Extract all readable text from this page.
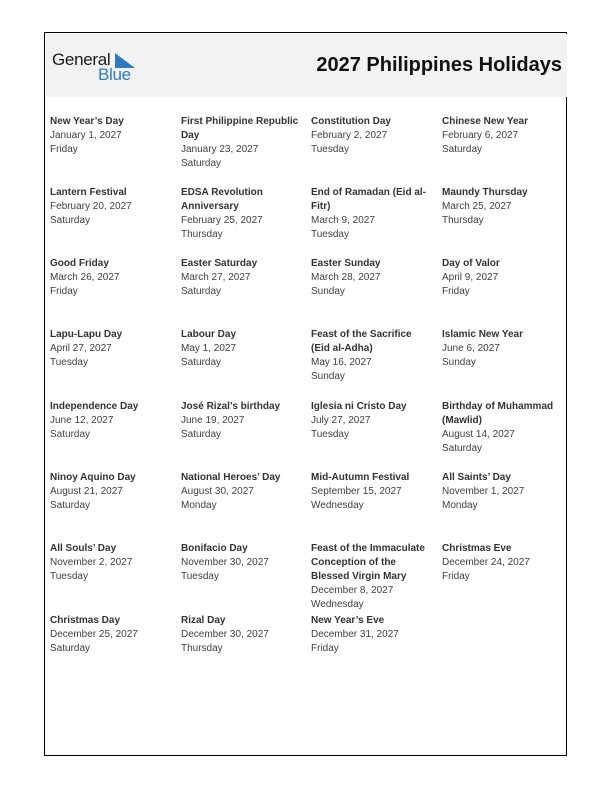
General
Blue	2027 Philippines Holidays
New Year’s Day
January 1, 2027
Friday
First Philippine Republic Day
January 23, 2027
Saturday
Constitution Day
February 2, 2027
Tuesday
Chinese New Year
February 6, 2027
Saturday
Lantern Festival
February 20, 2027
Saturday
EDSA Revolution Anniversary
February 25, 2027
Thursday
End of Ramadan (Eid al-Fitr)
March 9, 2027
Tuesday
Maundy Thursday
March 25, 2027
Thursday
Good Friday
March 26, 2027
Friday
Easter Saturday
March 27, 2027
Saturday
Easter Sunday
March 28, 2027
Sunday
Day of Valor
April 9, 2027
Friday
Lapu-Lapu Day
April 27, 2027
Tuesday
Labour Day
May 1, 2027
Saturday
Feast of the Sacrifice (Eid al-Adha)
May 16, 2027
Sunday
Islamic New Year
June 6, 2027
Sunday
Independence Day
June 12, 2027
Saturday
José Rizal’s birthday
June 19, 2027
Saturday
Iglesia ni Cristo Day
July 27, 2027
Tuesday
Birthday of Muhammad (Mawlid)
August 14, 2027
Saturday
Ninoy Aquino Day
August 21, 2027
Saturday
National Heroes’ Day
August 30, 2027
Monday
Mid-Autumn Festival
September 15, 2027
Wednesday
All Saints’ Day
November 1, 2027
Monday
All Souls’ Day
November 2, 2027
Tuesday
Bonifacio Day
November 30, 2027
Tuesday
Feast of the Immaculate Conception of the Blessed Virgin Mary
December 8, 2027
Wednesday
Christmas Eve
December 24, 2027
Friday
Christmas Day
December 25, 2027
Saturday
Rizal Day
December 30, 2027
Thursday
New Year’s Eve
December 31, 2027
Friday
